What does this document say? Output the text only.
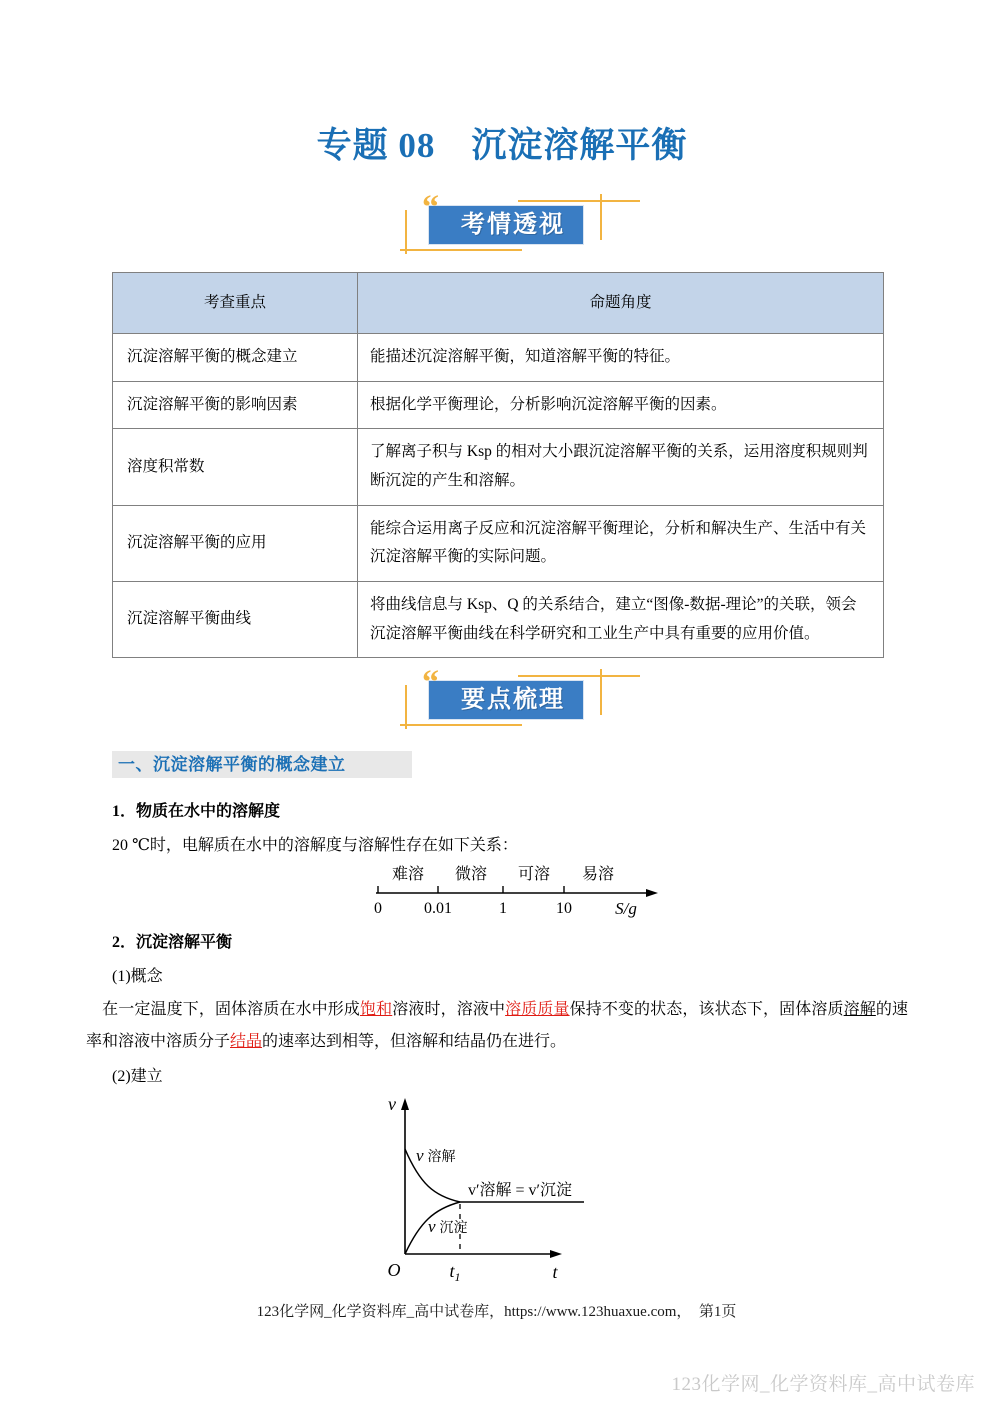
专题 08　沉淀溶解平衡
考情透视
“
考查重点	命题角度
沉淀溶解平衡的概念建立	能描述沉淀溶解平衡，知道溶解平衡的特征。
沉淀溶解平衡的影响因素	根据化学平衡理论，分析影响沉淀溶解平衡的因素。
溶度积常数	了解离子积与 Ksp 的相对大小跟沉淀溶解平衡的关系，运用溶度积规则判断沉淀的产生和溶解。
沉淀溶解平衡的应用	能综合运用离子反应和沉淀溶解平衡理论，分析和解决生产、生活中有关沉淀溶解平衡的实际问题。
沉淀溶解平衡曲线	将曲线信息与 Ksp、Q 的关系结合，建立“图像-数据-理论”的关联，领会沉淀溶解平衡曲线在科学研究和工业生产中具有重要的应用价值。
要点梳理
“
一、沉淀溶解平衡的概念建立
1．物质在水中的溶解度
20 ℃时，电解质在水中的溶解度与溶解性存在如下关系：
难溶 微溶 可溶 易溶
0	0.01	1	10	S/g
2．沉淀溶解平衡
(1)概念
　在一定温度下，固体溶质在水中形成饱和溶液时，溶液中溶质质量保持不变的状态，该状态下，固体溶质溶解的速率和溶液中溶质分子结晶的速率达到相等，但溶解和结晶仍在进行。
(2)建立
v
t
O	$t_1$
v 溶解
v 沉淀
v′溶解 = v′沉淀
123化学网_化学资料库_高中试卷库，https://www.123huaxue.com，　第1页
123化学网_化学资料库_高中试卷库
